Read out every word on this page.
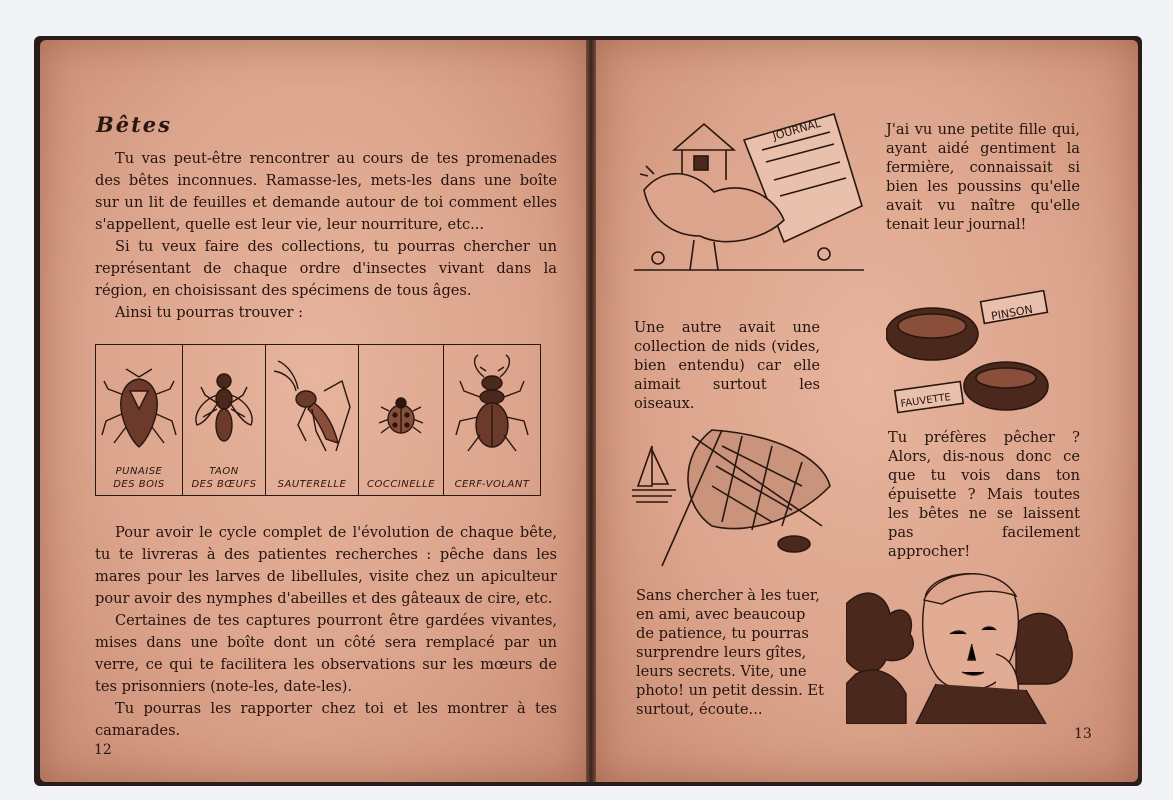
Bêtes

Tu vas peut-être rencontrer au cours de tes promenades des bêtes inconnues. Ramasse-les, mets-les dans une boîte sur un lit de feuilles et demande autour de toi comment elles s'appellent, quelle est leur vie, leur nourriture, etc...

Si tu veux faire des collections, tu pourras chercher un représentant de chaque ordre d'insectes vivant dans la région, en choisissant des spécimens de tous âges.

Ainsi tu pourras trouver :

PUNAISE
DES BOIS
TAON
DES BŒUFS	SAUTERELLE	COCCINELLE	CERF-VOLANT

Pour avoir le cycle complet de l'évolution de chaque bête, tu te livreras à des patientes recherches : pêche dans les mares pour les larves de libellules, visite chez un apiculteur pour avoir des nymphes d'abeilles et des gâteaux de cire, etc.

Certaines de tes captures pourront être gardées vivantes, mises dans une boîte dont un côté sera remplacé par un verre, ce qui te facilitera les observations sur les mœurs de tes prisonniers (note-les, date-les).

Tu pourras les rapporter chez toi et les montrer à tes camarades.

12
JOURNAL	J'ai vu une petite fille qui, ayant aidé gentiment la fermière, connaissait si bien les poussins qu'elle avait vu naître qu'elle tenait leur journal!

Une autre avait une collection de nids (vides, bien entendu) car elle aimait surtout les oiseaux.

PINSON
FAUVETTE

Tu préfères pêcher ? Alors, dis-nous donc ce que tu vois dans ton épuisette ? Mais toutes les bêtes ne se laissent pas facilement approcher!

Sans chercher à les tuer, en ami, avec beaucoup de patience, tu pourras surprendre leurs gîtes, leurs secrets. Vite, une photo! un petit dessin. Et surtout, écoute...

13
